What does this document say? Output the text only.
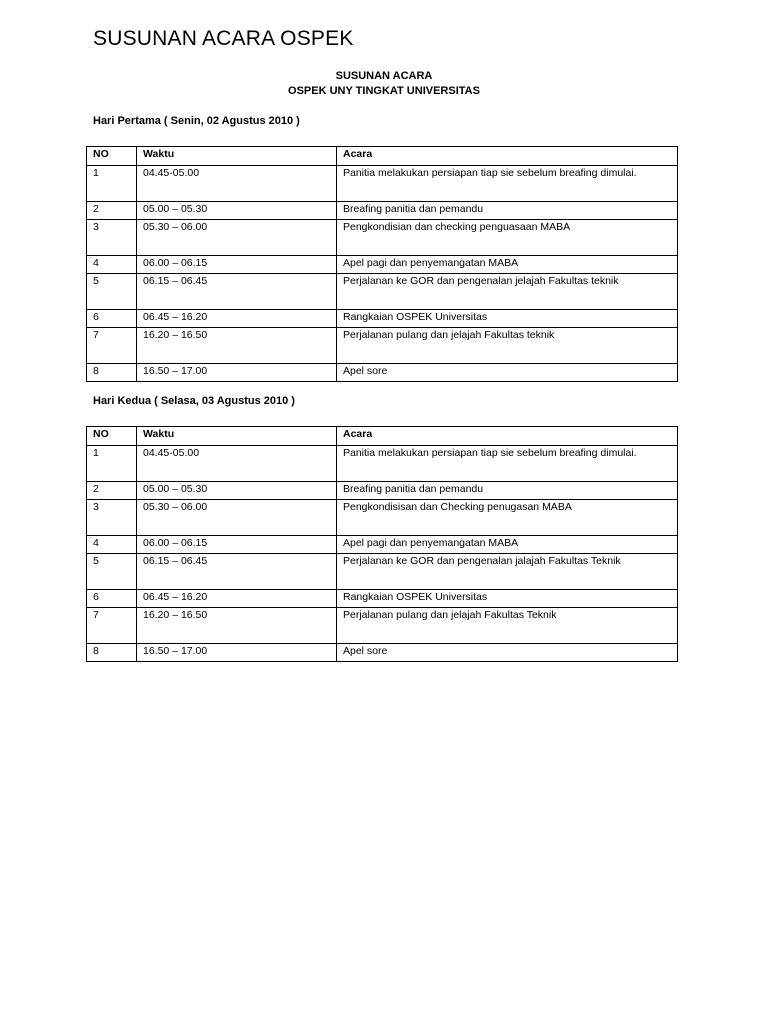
SUSUNAN ACARA OSPEK
SUSUNAN ACARA
OSPEK UNY TINGKAT UNIVERSITAS
Hari Pertama ( Senin, 02 Agustus 2010 )
NO	Waktu	Acara
1	04.45-05.00	Panitia melakukan persiapan tiap sie sebelum breafing dimulai.
2	05.00 – 05.30	Breafing panitia dan pemandu
3	05.30 – 06.00	Pengkondisian dan checking penguasaan MABA
4	06.00 – 06.15	Apel pagi dan penyemangatan MABA
5	06.15 – 06.45	Perjalanan ke GOR dan pengenalan jelajah Fakultas teknik
6	06.45 – 16.20	Rangkaian OSPEK Universitas
7	16.20 – 16.50	Perjalanan pulang dan jelajah Fakultas teknik
8	16.50 – 17.00	Apel sore
Hari Kedua ( Selasa, 03 Agustus 2010 )
NO	Waktu	Acara
1	04.45-05.00	Panitia melakukan persiapan tiap sie sebelum breafing dimulai.
2	05.00 – 05.30	Breafing panitia dan pemandu
3	05.30 – 06.00	Pengkondisisan dan Checking penugasan MABA
4	06.00 – 06.15	Apel pagi dan penyemangatan MABA
5	06.15 – 06.45	Perjalanan ke GOR dan pengenalan jalajah Fakultas Teknik
6	06.45 – 16.20	Rangkaian OSPEK Universitas
7	16.20 – 16.50	Perjalanan pulang dan jelajah Fakultas Teknik
8	16.50 – 17.00	Apel sore
